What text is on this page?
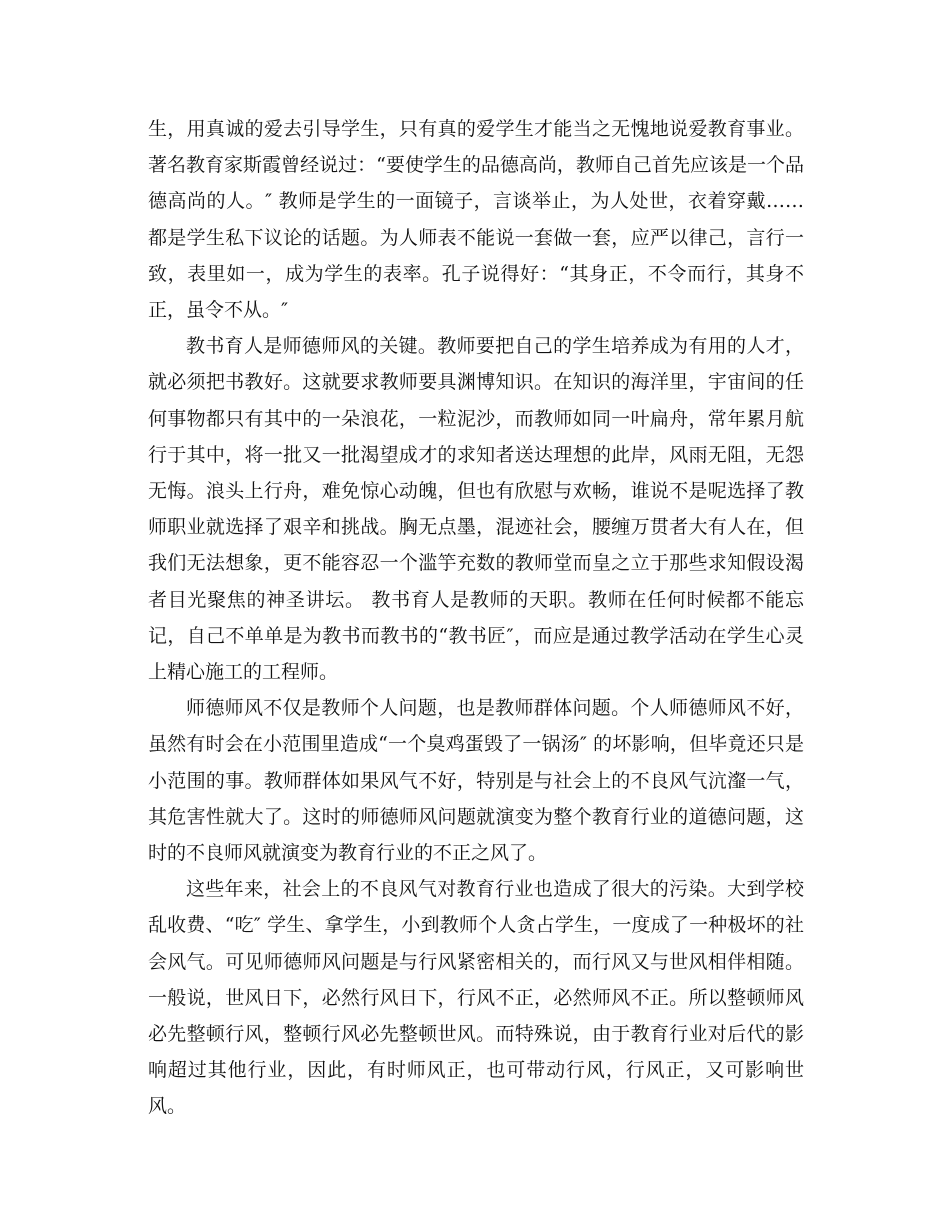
生，用真诚的爱去引导学生，只有真的爱学生才能当之无愧地说爱教育事业。著名教育家斯霞曾经说过：“要使学生的品德高尚，教师自己首先应该是一个品德高尚的人。″ 教师是学生的一面镜子，言谈举止，为人处世，衣着穿戴……都是学生私下议论的话题。为人师表不能说一套做一套，应严以律己，言行一致，表里如一，成为学生的表率。孔子说得好：“其身正，不令而行，其身不正，虽令不从。″

教书育人是师德师风的关键。教师要把自己的学生培养成为有用的人才，就必须把书教好。这就要求教师要具渊博知识。在知识的海洋里，宇宙间的任何事物都只有其中的一朵浪花，一粒泥沙，而教师如同一叶扁舟，常年累月航行于其中，将一批又一批渴望成才的求知者送达理想的此岸，风雨无阻，无怨无悔。浪头上行舟，难免惊心动魄，但也有欣慰与欢畅，谁说不是呢选择了教师职业就选择了艰辛和挑战。胸无点墨，混迹社会，腰缠万贯者大有人在，但我们无法想象，更不能容忍一个滥竽充数的教师堂而皇之立于那些求知假设渴者目光聚焦的神圣讲坛。 教书育人是教师的天职。教师在任何时候都不能忘记，自己不单单是为教书而教书的“教书匠″，而应是通过教学活动在学生心灵上精心施工的工程师。

师德师风不仅是教师个人问题，也是教师群体问题。个人师德师风不好，虽然有时会在小范围里造成“一个臭鸡蛋毁了一锅汤″ 的坏影响，但毕竟还只是小范围的事。教师群体如果风气不好，特别是与社会上的不良风气沆瀣一气，其危害性就大了。这时的师德师风问题就演变为整个教育行业的道德问题，这时的不良师风就演变为教育行业的不正之风了。

这些年来，社会上的不良风气对教育行业也造成了很大的污染。大到学校乱收费、“吃″ 学生、拿学生，小到教师个人贪占学生，一度成了一种极坏的社会风气。可见师德师风问题是与行风紧密相关的，而行风又与世风相伴相随。一般说，世风日下，必然行风日下，行风不正，必然师风不正。所以整顿师风必先整顿行风，整顿行风必先整顿世风。而特殊说，由于教育行业对后代的影响超过其他行业，因此，有时师风正，也可带动行风，行风正，又可影响世风。
